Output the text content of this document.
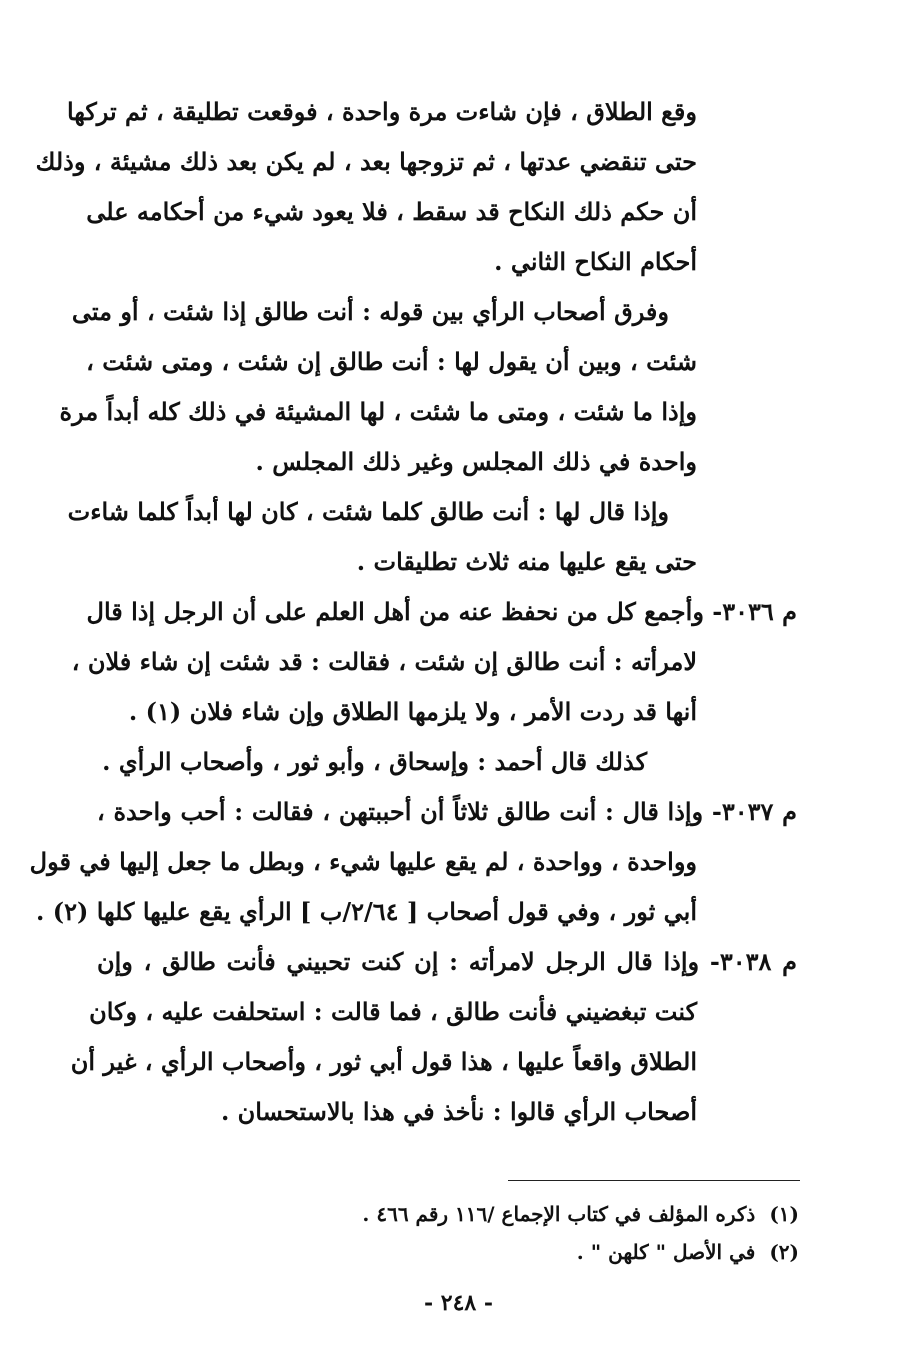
وقع الطلاق ، فإن شاءت مرة واحدة ، فوقعت تطليقة ، ثم تركها
حتى تنقضي عدتها ، ثم تزوجها بعد ، لم يكن بعد ذلك مشيئة ، وذلك
أن حكم ذلك النكاح قد سقط ، فلا يعود شيء من أحكامه على
أحكام النكاح الثاني .
وفرق أصحاب الرأي بين قوله : أنت طالق إذا شئت ، أو متى
شئت ، وبين أن يقول لها : أنت طالق إن شئت ، ومتى شئت ،
وإذا ما شئت ، ومتى ما شئت ، لها المشيئة في ذلك كله أبداً مرة
واحدة في ذلك المجلس وغير ذلك المجلس .
وإذا قال لها : أنت طالق كلما شئت ، كان لها أبداً كلما شاءت
حتى يقع عليها منه ثلاث تطليقات .
م ٣٠٣٦- وأجمع كل من نحفظ عنه من أهل العلم على أن الرجل إذا قال
لامرأته : أنت طالق إن شئت ، فقالت : قد شئت إن شاء فلان ،
أنها قد ردت الأمر ، ولا يلزمها الطلاق وإن شاء فلان (١) .
كذلك قال أحمد : وإسحاق ، وأبو ثور ، وأصحاب الرأي .
م ٣٠٣٧- وإذا قال : أنت طالق ثلاثاً أن أحببتهن ، فقالت : أحب واحدة ،
وواحدة ، وواحدة ، لم يقع عليها شيء ، وبطل ما جعل إليها في قول
أبي ثور ، وفي قول أصحاب [ ٢/٦٤/ب ] الرأي يقع عليها كلها (٢) .
م ٣٠٣٨- وإذا قال الرجل لامرأته : إن كنت تحبيني فأنت طالق ، وإن
كنت تبغضيني فأنت طالق ، فما قالت : استحلفت عليه ، وكان
الطلاق واقعاً عليها ، هذا قول أبي ثور ، وأصحاب الرأي ، غير أن
أصحاب الرأي قالوا : نأخذ في هذا بالاستحسان .
(١)ذكره المؤلف في كتاب الإجماع /١١٦ رقم ٤٦٦ .
(٢)في الأصل " كلهن " .
- ٢٤٨ -
